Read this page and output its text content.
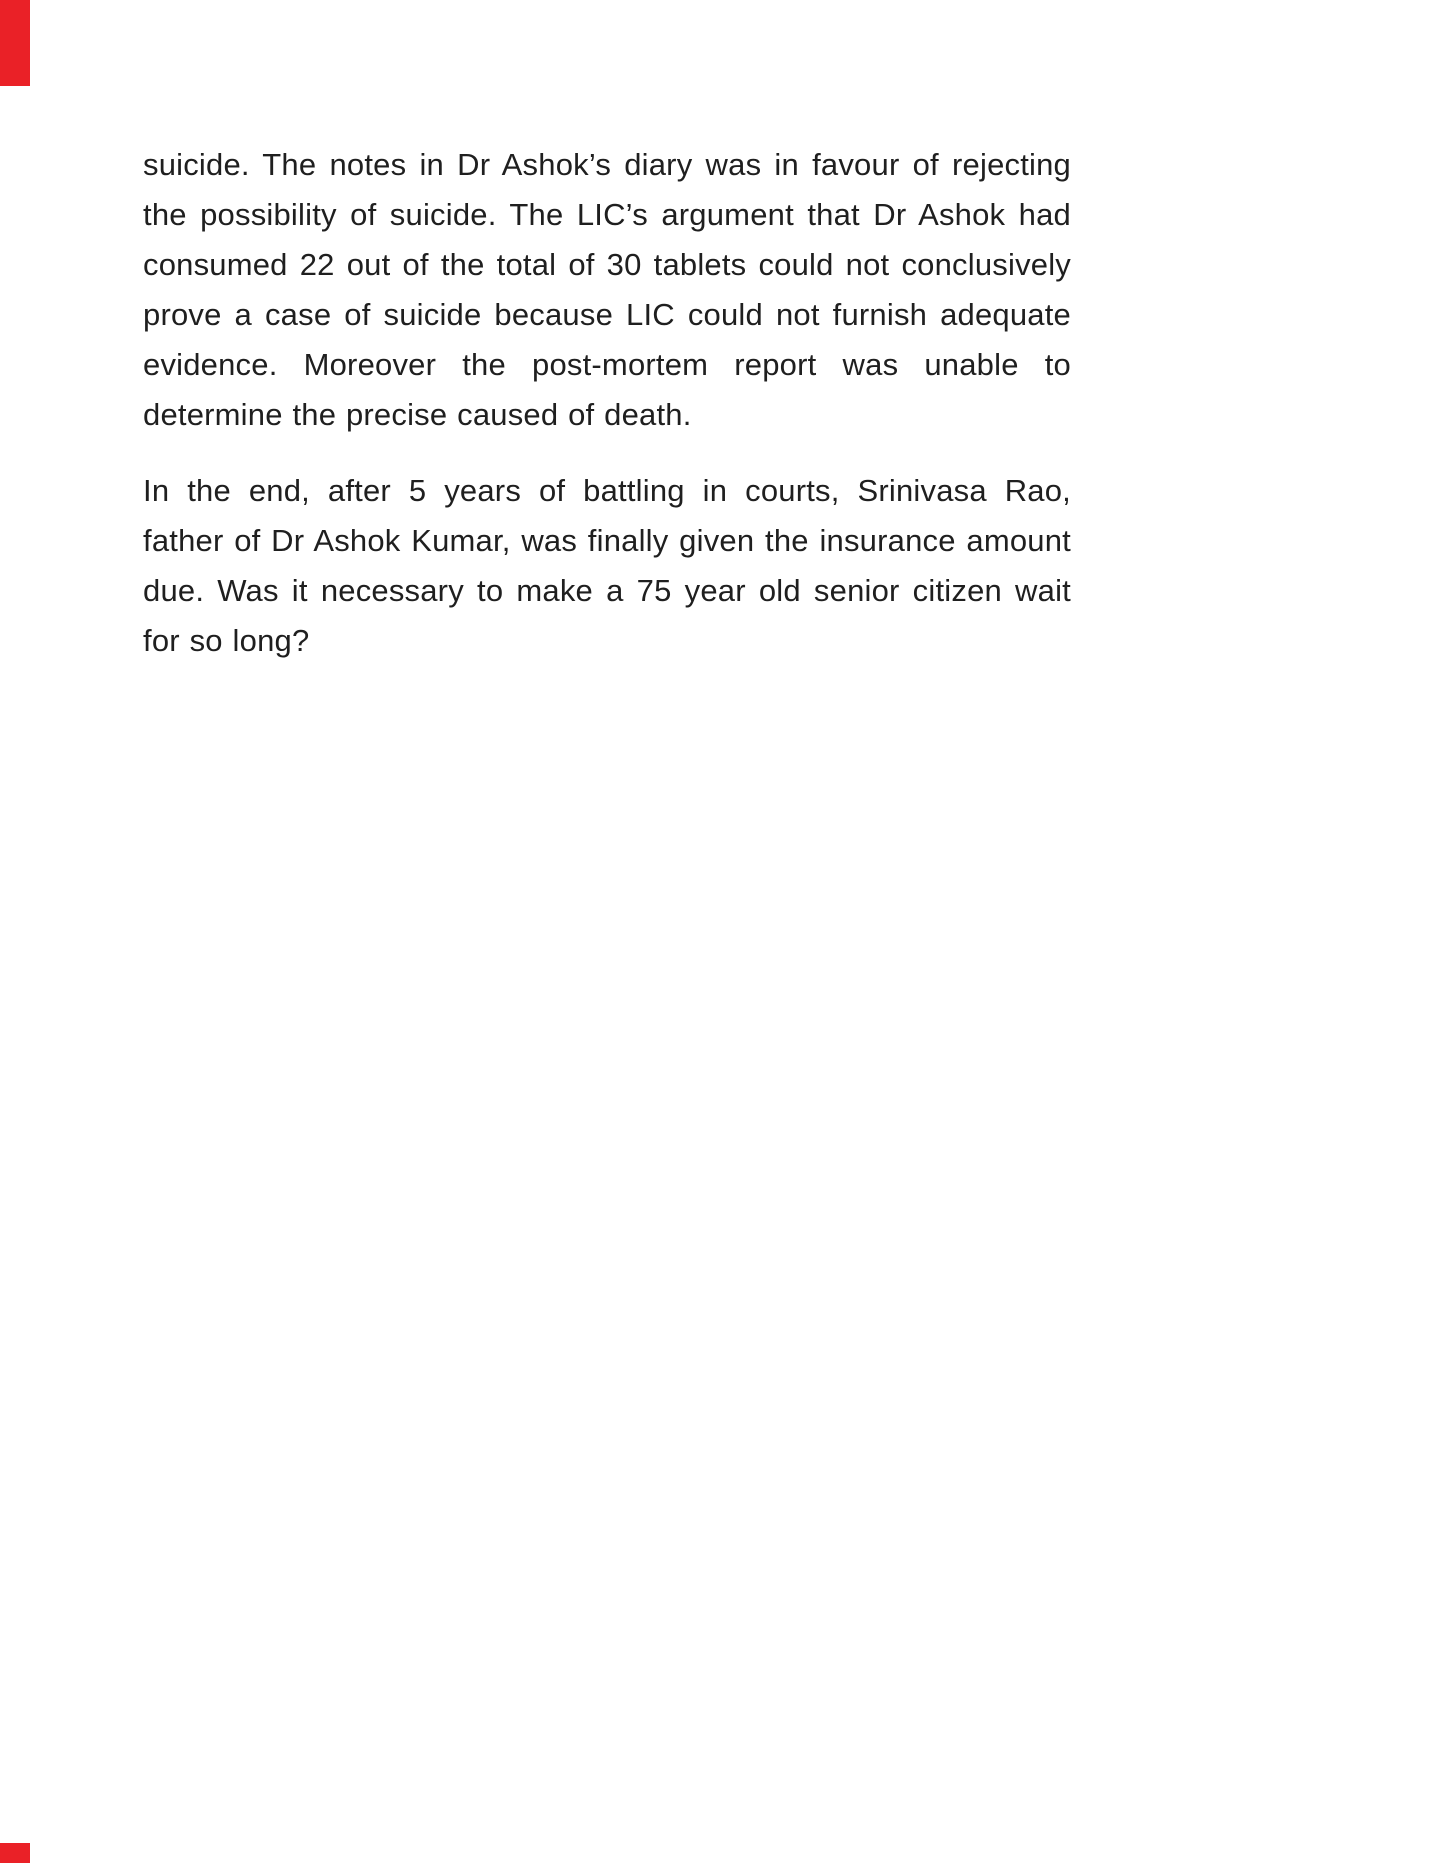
suicide. The notes in Dr Ashok’s diary was in favour of rejecting the possibility of suicide. The LIC’s argument that Dr Ashok had consumed 22 out of the total of 30 tablets could not conclusively prove a case of suicide because LIC could not furnish adequate evidence. Moreover the post-mortem report was unable to determine the precise caused of death.

In the end, after 5 years of battling in courts, Srinivasa Rao, father of Dr Ashok Kumar, was finally given the insurance amount due. Was it necessary to make a 75 year old senior citizen wait for so long?
